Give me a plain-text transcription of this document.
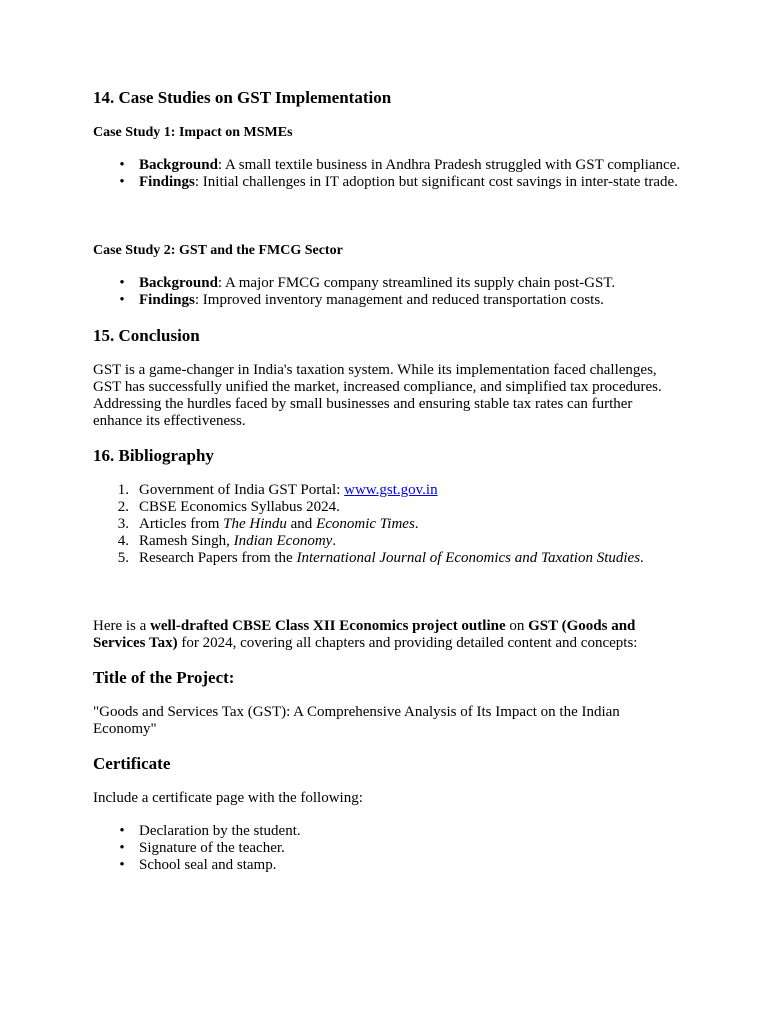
14. Case Studies on GST Implementation
Case Study 1: Impact on MSMEs
• Background: A small textile business in Andhra Pradesh struggled with GST compliance.
• Findings: Initial challenges in IT adoption but significant cost savings in inter-state trade.
Case Study 2: GST and the FMCG Sector
• Background: A major FMCG company streamlined its supply chain post-GST.
• Findings: Improved inventory management and reduced transportation costs.
15. Conclusion

GST is a game-changer in India's taxation system. While its implementation faced challenges, GST has successfully unified the market, increased compliance, and simplified tax procedures. Addressing the hurdles faced by small businesses and ensuring stable tax rates can further enhance its effectiveness.

16. Bibliography
1. Government of India GST Portal: www.gst.gov.in
2. CBSE Economics Syllabus 2024.
3. Articles from The Hindu and Economic Times.
4. Ramesh Singh, Indian Economy.
5. Research Papers from the International Journal of Economics and Taxation Studies.

Here is a well-drafted CBSE Class XII Economics project outline on GST (Goods and Services Tax) for 2024, covering all chapters and providing detailed content and concepts:

Title of the Project:

"Goods and Services Tax (GST): A Comprehensive Analysis of Its Impact on the Indian Economy"

Certificate

Include a certificate page with the following:

• Declaration by the student.
• Signature of the teacher.
• School seal and stamp.
